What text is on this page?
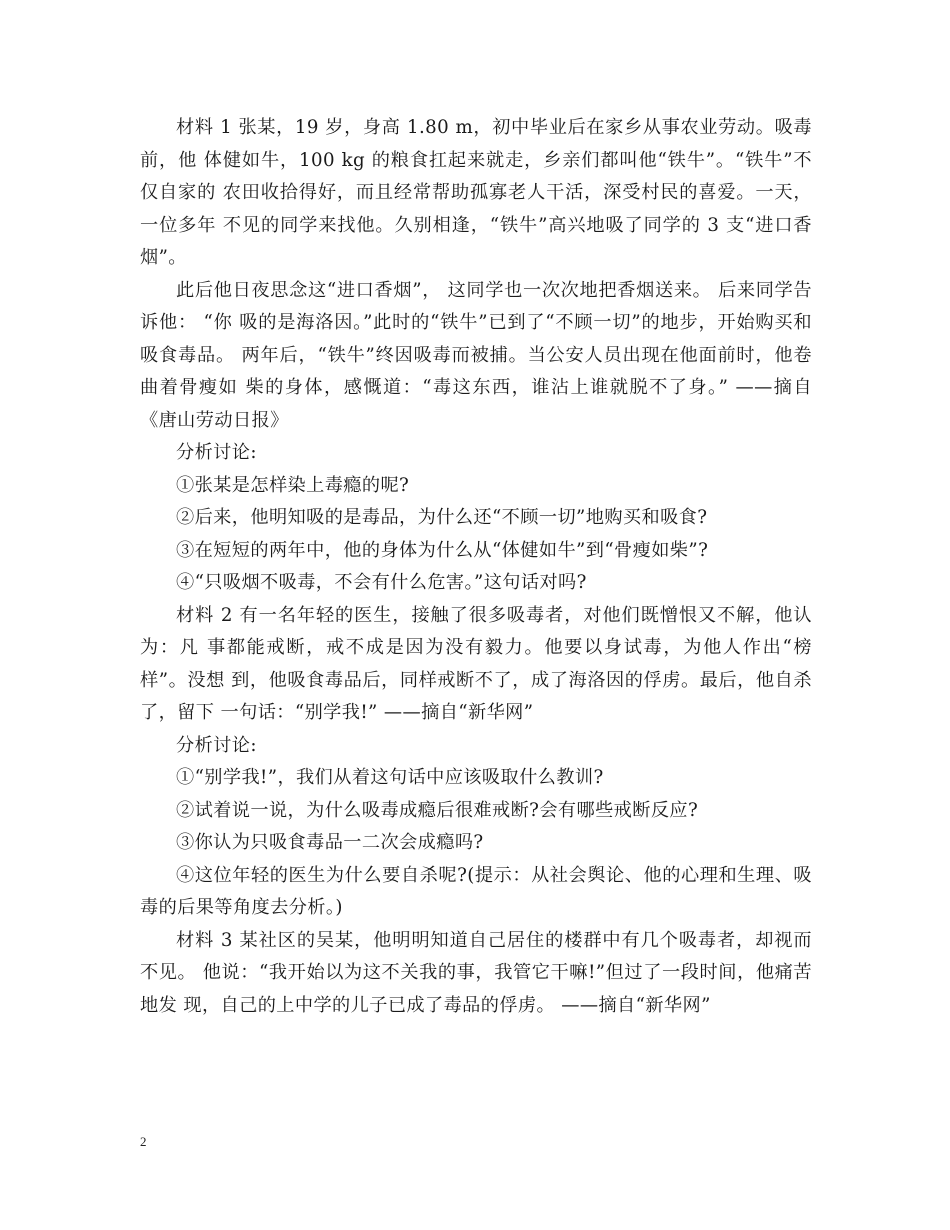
材料 1 张某，19 岁，身高 1.80 m，初中毕业后在家乡从事农业劳动。吸毒前，他 体健如牛，100 kg 的粮食扛起来就走，乡亲们都叫他“铁牛”。“铁牛”不仅自家的 农田收拾得好，而且经常帮助孤寡老人干活，深受村民的喜爱。一天，一位多年 不见的同学来找他。久别相逢，“铁牛”高兴地吸了同学的 3 支“进口香烟”。

此后他日夜思念这“进口香烟”， 这同学也一次次地把香烟送来。 后来同学告诉他： “你 吸的是海洛因。”此时的“铁牛”已到了“不顾一切”的地步，开始购买和吸食毒品。 两年后，“铁牛”终因吸毒而被捕。当公安人员出现在他面前时，他卷曲着骨瘦如 柴的身体，感慨道：“毒这东西，谁沾上谁就脱不了身。” ——摘自《唐山劳动日报》

分析讨论:

①张某是怎样染上毒瘾的呢?

②后来，他明知吸的是毒品，为什么还“不顾一切”地购买和吸食?

③在短短的两年中，他的身体为什么从“体健如牛”到“骨瘦如柴”?

④“只吸烟不吸毒，不会有什么危害。”这句话对吗?

材料 2 有一名年轻的医生，接触了很多吸毒者，对他们既憎恨又不解，他认为：凡 事都能戒断，戒不成是因为没有毅力。他要以身试毒，为他人作出“榜样”。没想 到，他吸食毒品后，同样戒断不了，成了海洛因的俘虏。最后，他自杀了，留下 一句话：“别学我!” ——摘自“新华网”

分析讨论:

①“别学我!”，我们从着这句话中应该吸取什么教训?

②试着说一说，为什么吸毒成瘾后很难戒断?会有哪些戒断反应?

③你认为只吸食毒品一二次会成瘾吗?

④这位年轻的医生为什么要自杀呢?(提示：从社会舆论、他的心理和生理、吸毒的后果等角度去分析。)

材料 3 某社区的吴某，他明明知道自己居住的楼群中有几个吸毒者，却视而不见。 他说：“我开始以为这不关我的事，我管它干嘛!”但过了一段时间，他痛苦地发 现，自己的上中学的儿子已成了毒品的俘虏。 ——摘自“新华网”

2
